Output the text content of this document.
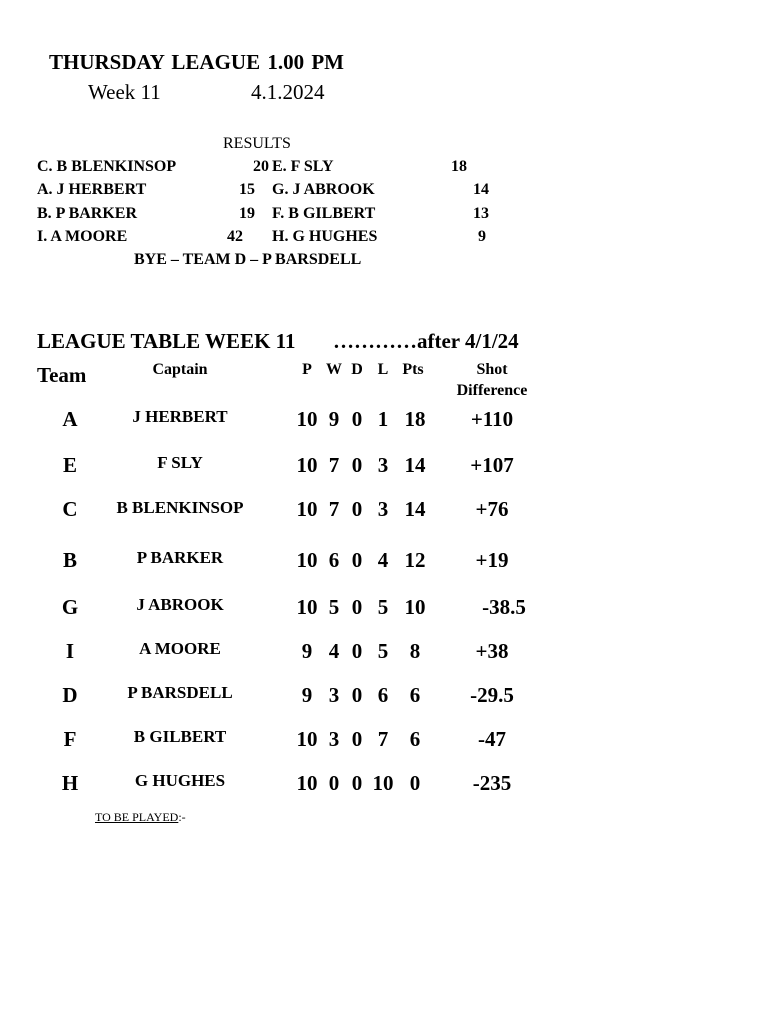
THURSDAY LEAGUE 1.00 PM
Week 11	4.1.2024
RESULTS
C. B BLENKINSOP	20 E. F SLY	18
A. J HERBERT	15 G. J ABROOK	14
B. P BARKER	19 F. B GILBERT	13
I. A MOORE	42 H. G HUGHES	9
BYE – TEAM D – P BARSDELL
LEAGUE TABLE WEEK 11 …………after 4/1/24
Team	Captain	P W D L Pts	Shot
Difference
A	J HERBERT	10 9 0 1 18	+110
E	F SLY	10 7 0 3 14	+107
C	B BLENKINSOP	10 7 0 3 14	+76
B	P BARKER	10 6 0 4 12	+19
G	J ABROOK	10 5 0 5 10	-38.5
I	A MOORE	9 4 0 5	8	+38
D	P BARSDELL	9 3 0 6	6	-29.5
F	B GILBERT	10 3 0 7	6	-47
H	G HUGHES	10 0 0 10 0	-235
TO BE PLAYED:-
